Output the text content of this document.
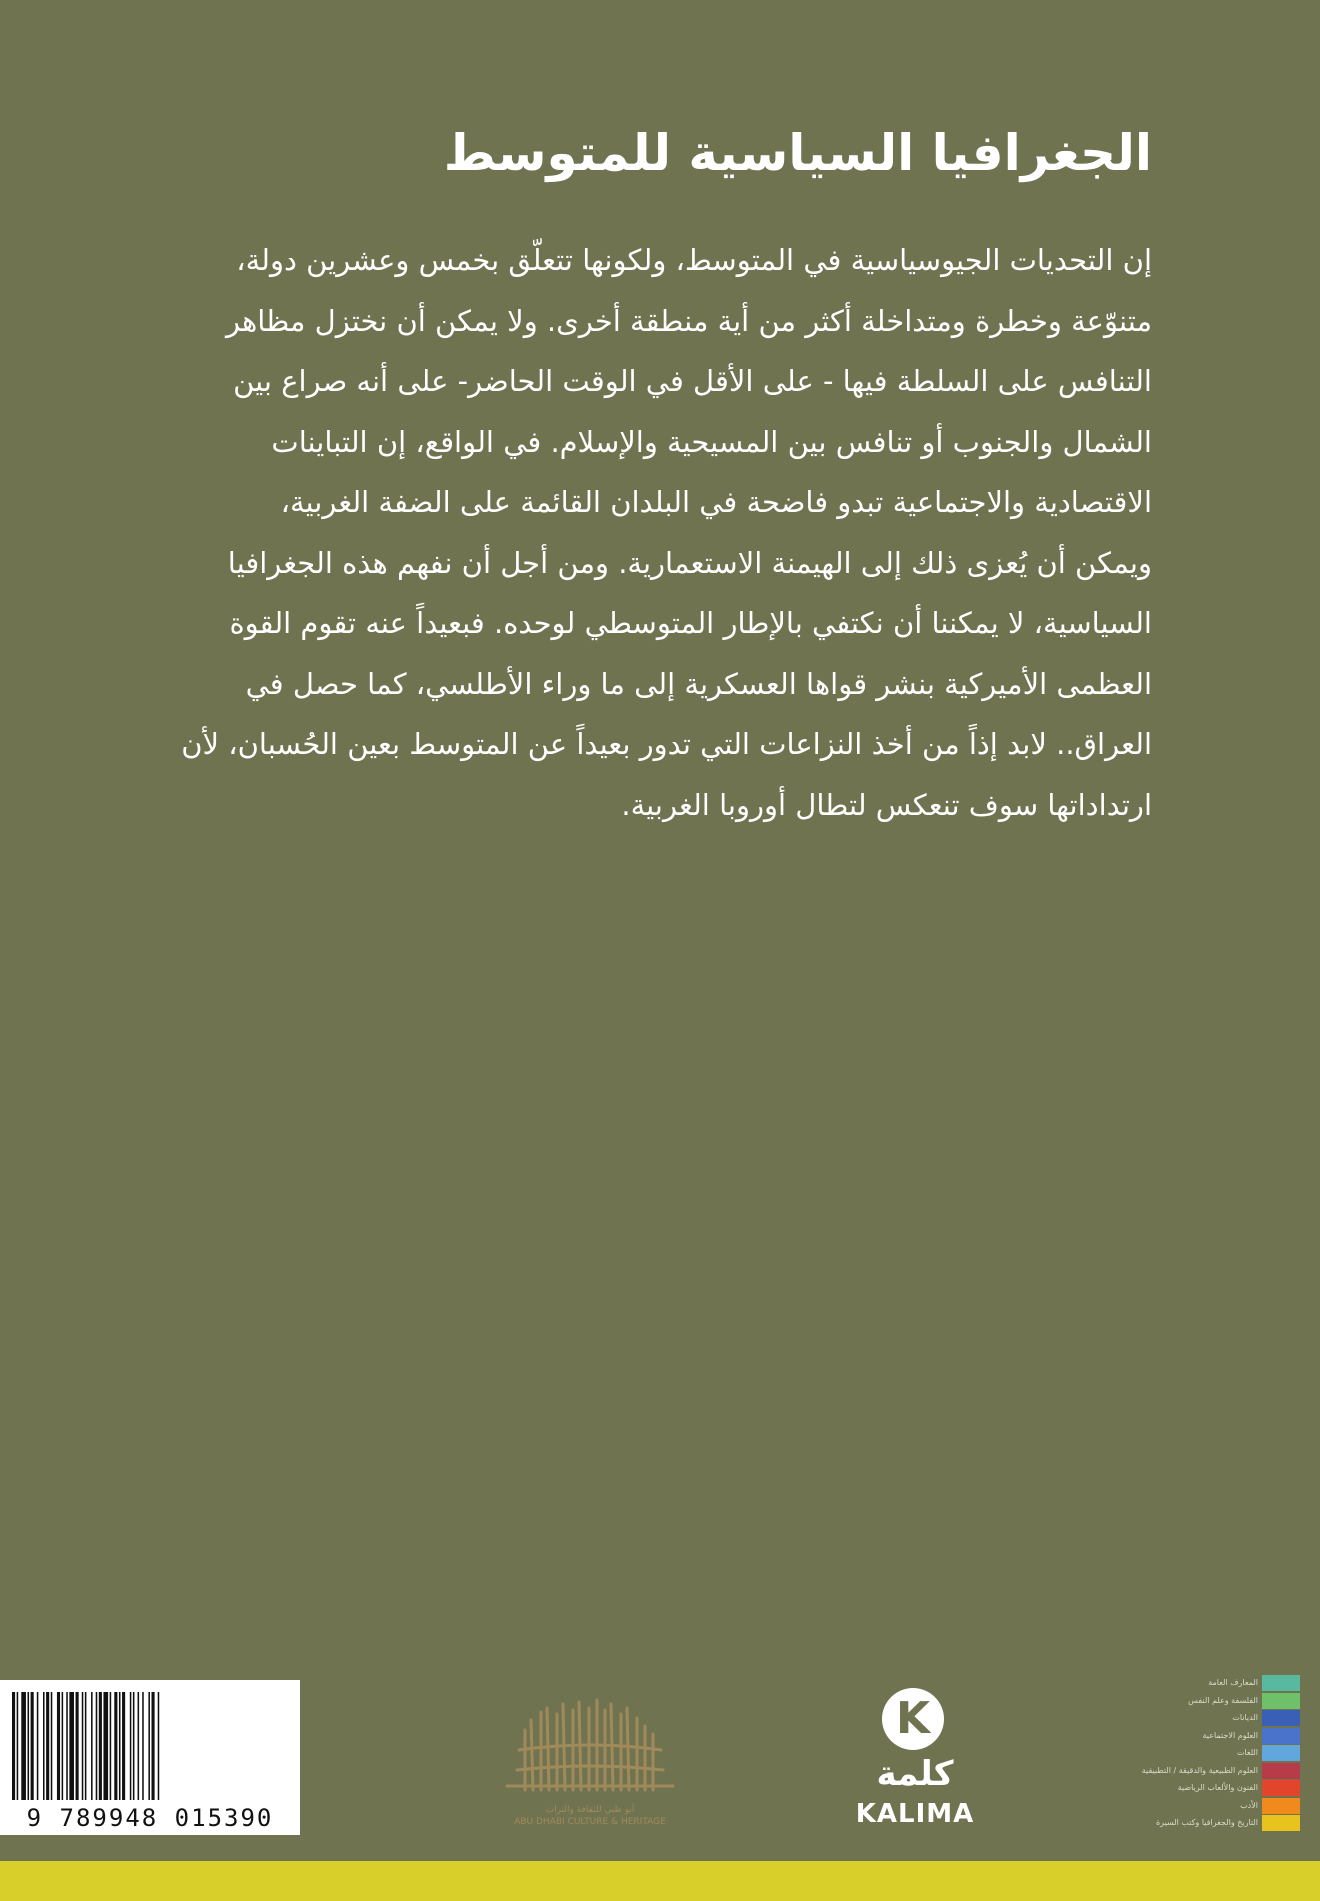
الجغرافيا السياسية للمتوسط
إن التحديات الجيوسياسية في المتوسط، ولكونها تتعلّق بخمس وعشرين دولة،
متنوّعة وخطرة ومتداخلة أكثر من أية منطقة أخرى. ولا يمكن أن نختزل مظاهر
التنافس على السلطة فيها - على الأقل في الوقت الحاضر- على أنه صراع بين
الشمال والجنوب أو تنافس بين المسيحية والإسلام. في الواقع، إن التباينات
الاقتصادية والاجتماعية تبدو فاضحة في البلدان القائمة على الضفة الغربية،
ويمكن أن يُعزى ذلك إلى الهيمنة الاستعمارية. ومن أجل أن نفهم هذه الجغرافيا
السياسية، لا يمكننا أن نكتفي بالإطار المتوسطي لوحده. فبعيداً عنه تقوم القوة
العظمى الأميركية بنشر قواها العسكرية إلى ما وراء الأطلسي، كما حصل في
العراق.. لابد إذاً من أخذ النزاعات التي تدور بعيداً عن المتوسط بعين الحُسبان، لأن
ارتداداتها سوف تنعكس لتطال أوروبا الغربية.
9 789948 015390	أبو ظبي للثقافة والتراث
ABU DHABI CULTURE & HERITAGE
K
كلمة
KALIMA
المعارف العامة
الفلسفة وعلم النفس
الديانات
العلوم الاجتماعية
اللغات
العلوم الطبيعية والدقيقة / التطبيقية
الفنون والألعاب الرياضية
الأدب
التاريخ والجغرافيا وكتب السيرة
